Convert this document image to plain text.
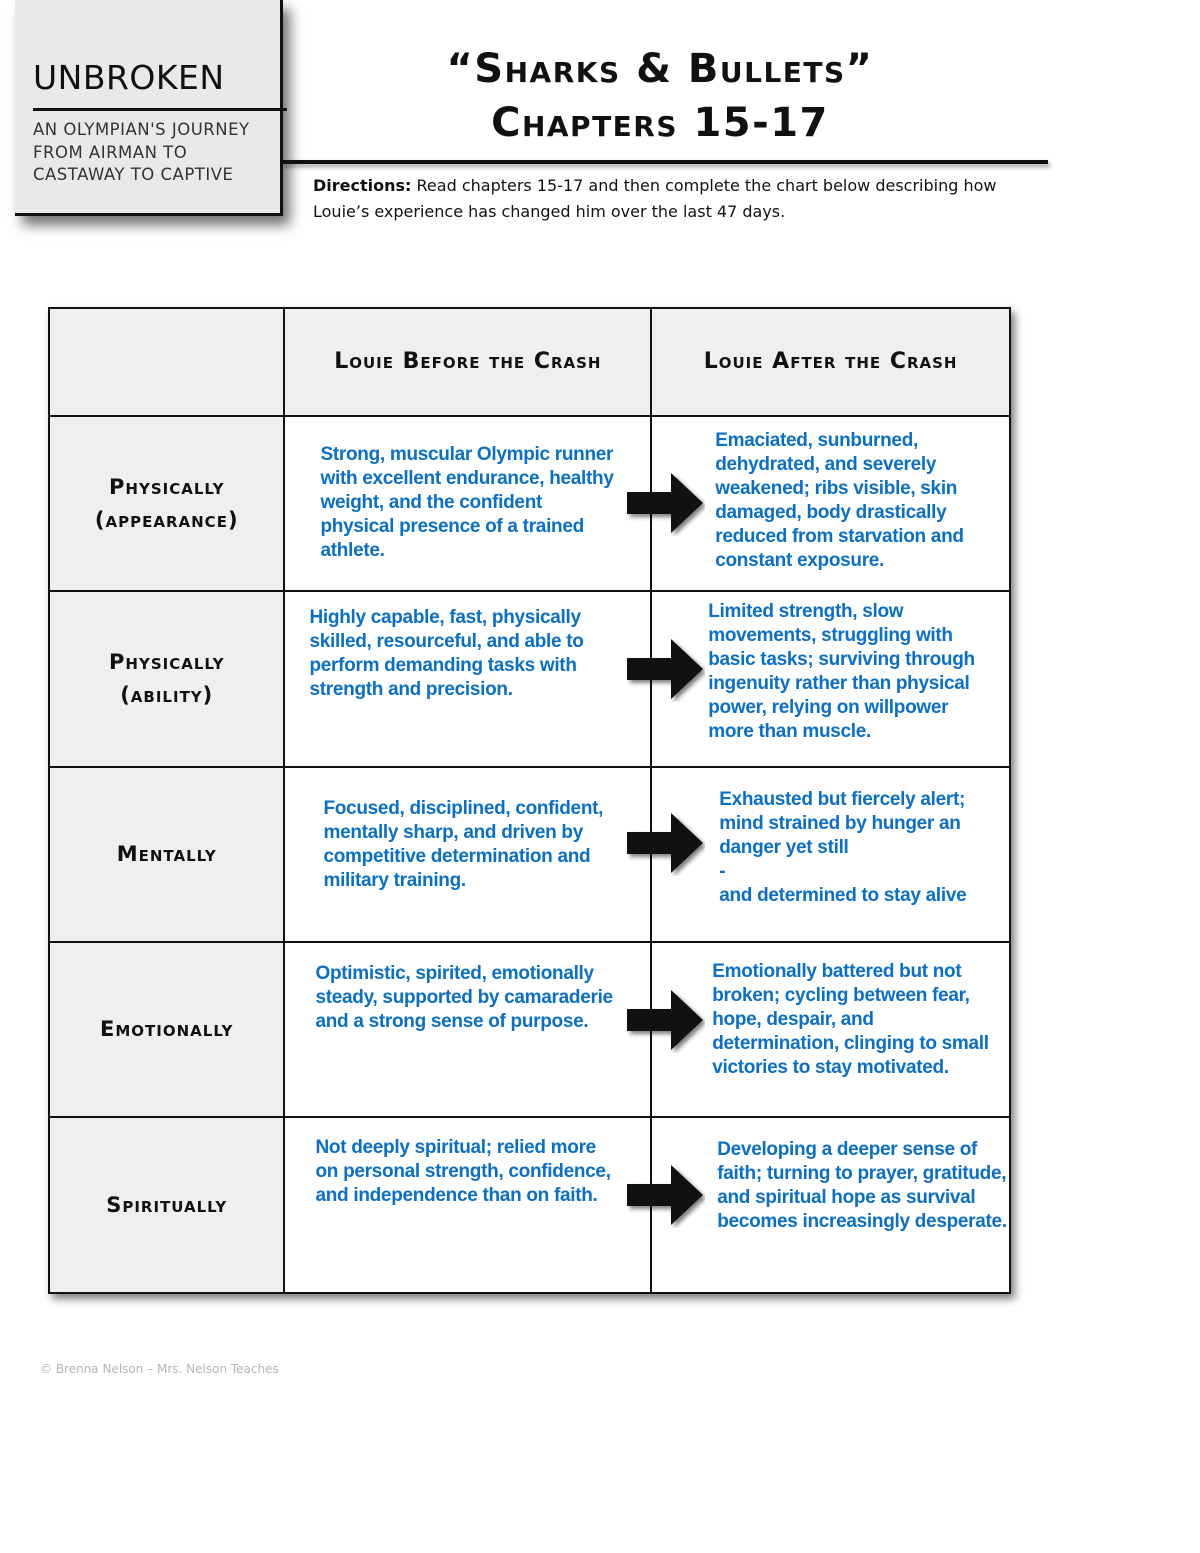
UNBROKEN
AN OLYMPIAN'S JOURNEY FROM AIRMAN TO CASTAWAY TO CAPTIVE
“Sharks & Bullets”
Chapters 15-17
Directions: Read chapters 15-17 and then complete the chart below describing how Louie’s experience has changed him over the last 47 days.
	Louie Before the Crash	Louie After the Crash

Physically
(appearance)	Strong, muscular Olympic runner with excellent endurance, healthy weight, and the confident physical presence of a trained athlete.	Emaciated, sunburned, dehydrated, and severely weakened; ribs visible, skin damaged, body drastically reduced from starvation and constant exposure.

Physically
(ability)	Highly capable, fast, physically skilled, resourceful, and able to perform demanding tasks with strength and precision.	Limited strength, slow movements, struggling with basic tasks; surviving through ingenuity rather than physical power, relying on willpower more than muscle.

Mentally	Focused, disciplined, confident, mentally sharp, and driven by competitive determination and military training.	Exhausted but fiercely alert;
mind strained by hunger an
danger yet still
-
and determined to stay alive

Emotionally	Optimistic, spirited, emotionally steady, supported by camaraderie and a strong sense of purpose.	Emotionally battered but not broken; cycling between fear, hope, despair, and determination, clinging to small victories to stay motivated.

Spiritually	Not deeply spiritual; relied more on personal strength, confidence, and independence than on faith.	Developing a deeper sense of faith; turning to prayer, gratitude, and spiritual hope as survival becomes increasingly desperate.
© Brenna Nelson – Mrs. Nelson Teaches
